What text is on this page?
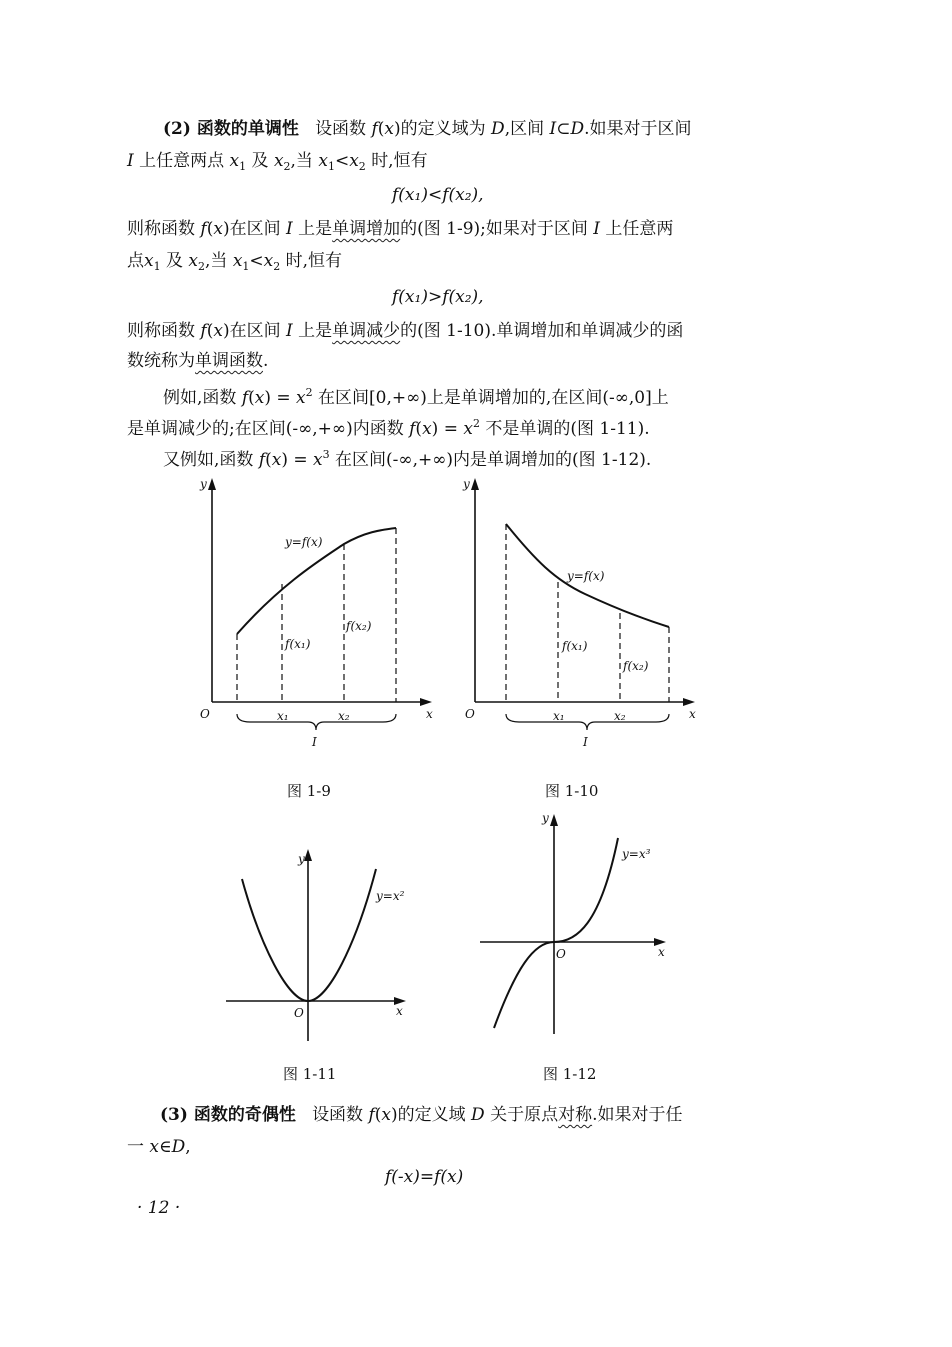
(2) 函数的单调性 设函数 f(x)的定义域为 D,区间 I⊂D.如果对于区间
I 上任意两点 $x_1$ 及 $x_2$,当 $x_1<x_2$ 时,恒有
f(x₁)<f(x₂),
则称函数 f(x)在区间 I 上是单调增加的(图 1-9);如果对于区间 I 上任意两
点$x_1$ 及 $x_2$,当 $x_1<x_2$ 时,恒有
f(x₁)>f(x₂),
则称函数 f(x)在区间 I 上是单调减少的(图 1-10).单调增加和单调减少的函
数统称为单调函数.
例如,函数 $f(x) = x^2$ 在区间[0,+∞)上是单调增加的,在区间(-∞,0]上
是单调减少的;在区间(-∞,+∞)内函数 $f(x) = x^2$ 不是单调的(图 1-11).
又例如,函数 $f(x) = x^3$ 在区间(-∞,+∞)内是单调增加的(图 1-12).
y
y=f(x)
f(x₁)
f(x₂)
O	x₁	x₂	x
I
图 1-9
y
y=f(x)
f(x₁)
f(x₂)
O	x₁	x₂	x
I
图 1-10
y
y=x²
O	x
图 1-11
y
y=x³
O	x
图 1-12
(3) 函数的奇偶性 设函数 f(x)的定义域 D 关于原点对称.如果对于任
一 x∈D,
f(-x)=f(x)
· 12 ·
